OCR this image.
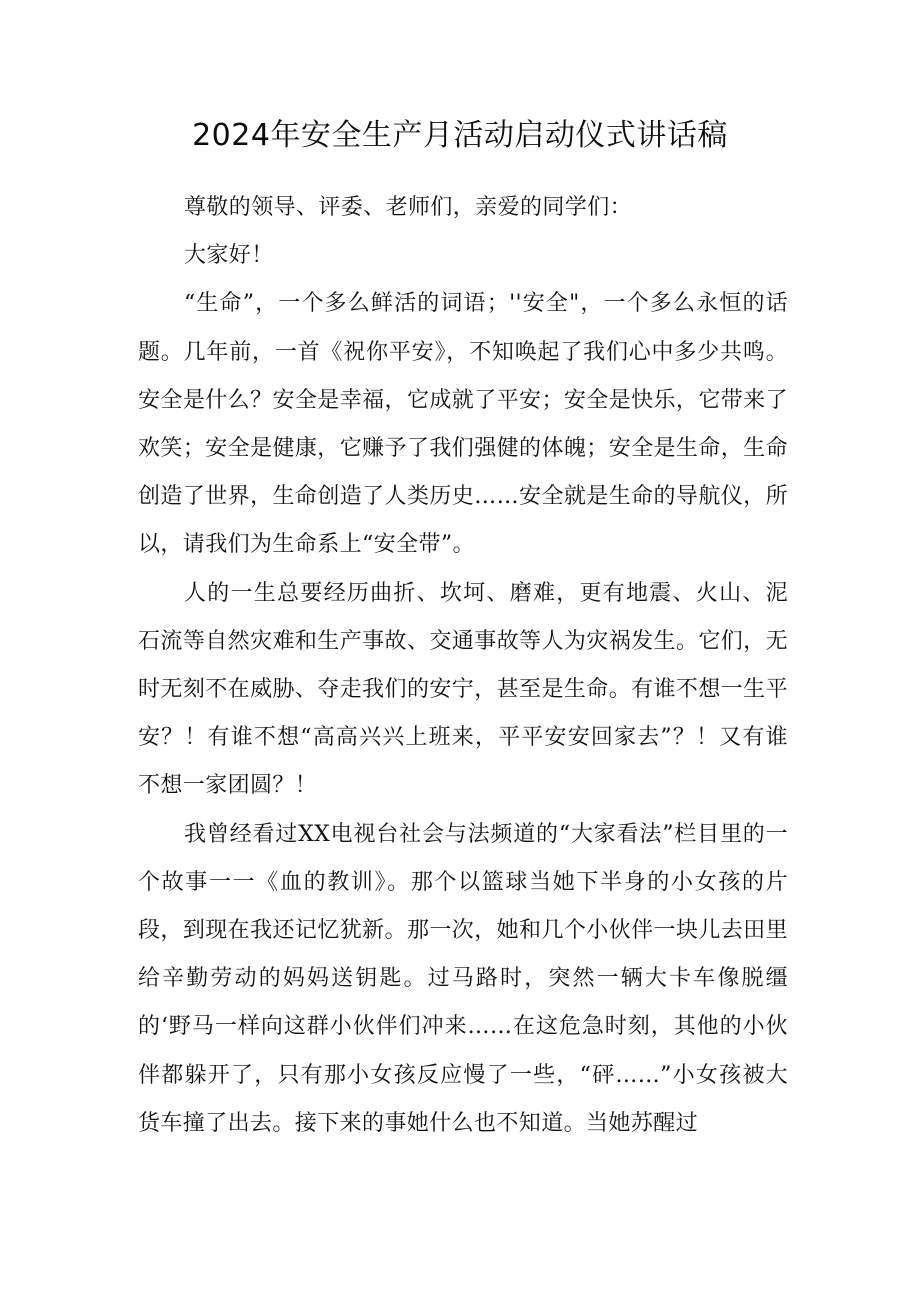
2024年安全生产月活动启动仪式讲话稿

尊敬的领导、评委、老师们，亲爱的同学们：

大家好！

“生命”，一个多么鲜活的词语；''安全"，一个多么永恒的话题。几年前，一首《祝你平安》，不知唤起了我们心中多少共鸣。安全是什么？安全是幸福，它成就了平安；安全是快乐，它带来了欢笑；安全是健康，它赚予了我们强健的体魄；安全是生命，生命创造了世界，生命创造了人类历史……安全就是生命的导航仪，所以，请我们为生命系上“安全带”。

人的一生总要经历曲折、坎坷、磨难，更有地震、火山、泥石流等自然灾难和生产事故、交通事故等人为灾祸发生。它们，无时无刻不在威胁、夺走我们的安宁，甚至是生命。有谁不想一生平安？！有谁不想“高高兴兴上班来，平平安安回家去”？！又有谁不想一家团圆？！

我曾经看过XX电视台社会与法频道的“大家看法”栏目里的一个故事一一《血的教训》。那个以篮球当她下半身的小女孩的片段，到现在我还记忆犹新。那一次，她和几个小伙伴一块儿去田里给辛勤劳动的妈妈送钥匙。过马路时，突然一辆大卡车像脱缰的‘野马一样向这群小伙伴们冲来……在这危急时刻，其他的小伙伴都躲开了，只有那小女孩反应慢了一些，“砰……”小女孩被大货车撞了出去。接下来的事她什么也不知道。当她苏醒过
